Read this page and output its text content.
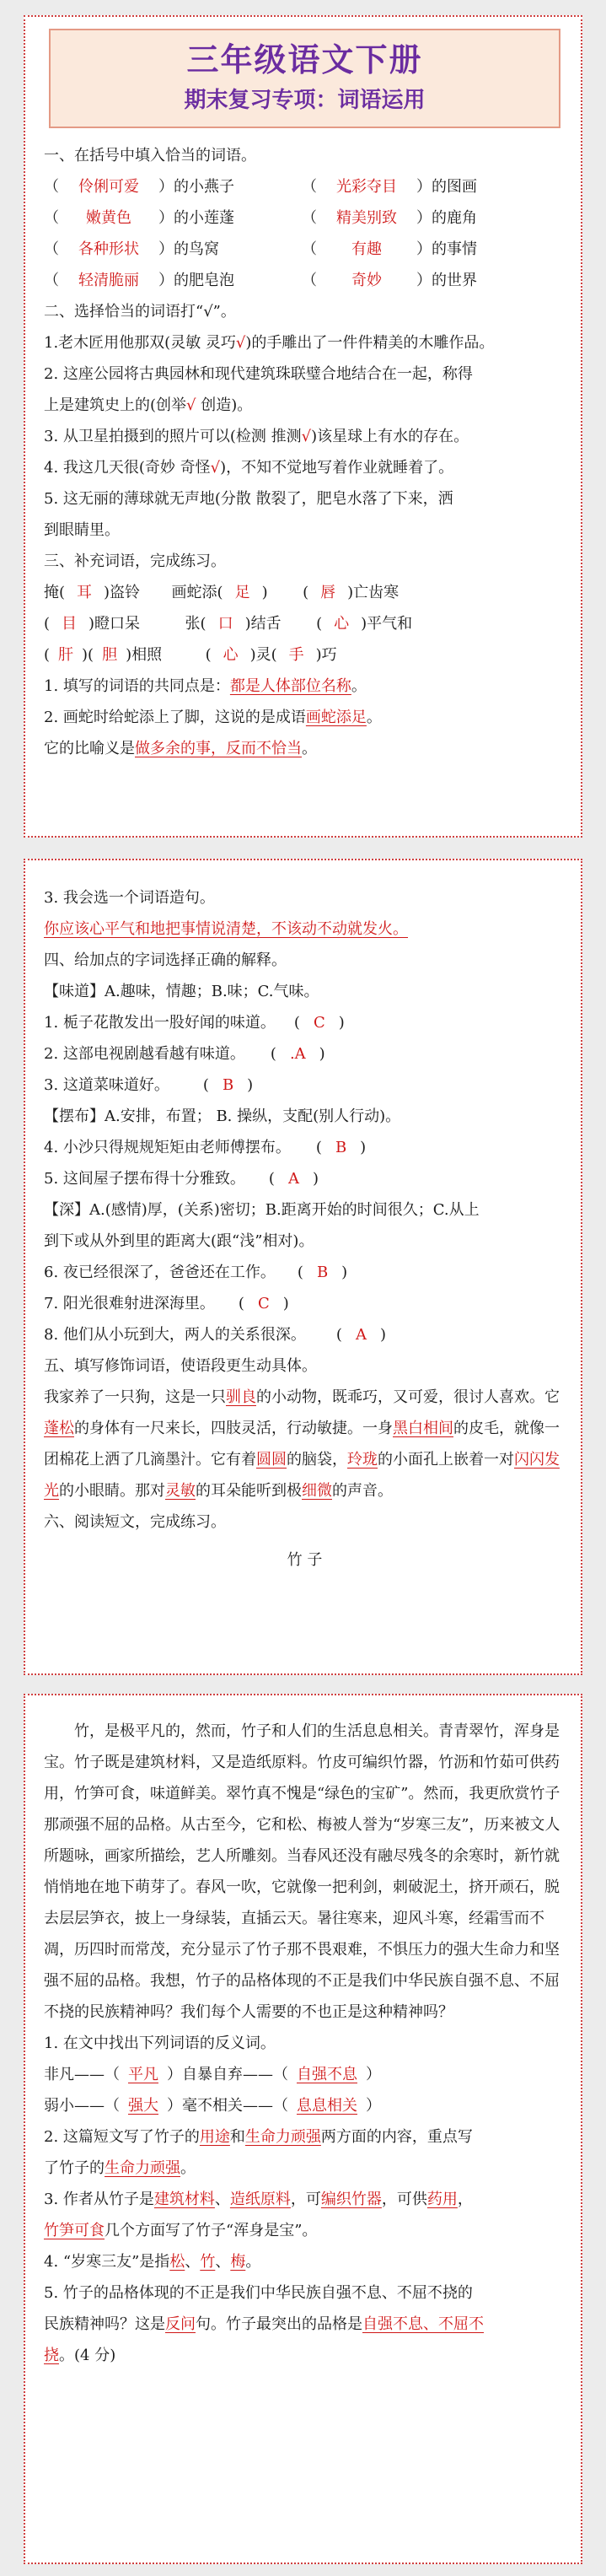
三年级语文下册
期末复习专项：词语运用
一、在括号中填入恰当的词语。
（ 伶俐可爱 ）的小燕子	（ 光彩夺目 ）的图画
（ 嫩黄色 ）的小莲蓬	（ 精美别致 ）的鹿角
（ 各种形状 ）的鸟窝	（ 有趣 ）的事情
（ 轻清脆丽 ）的肥皂泡	（ 奇妙 ）的世界
二、选择恰当的词语打“√”。
1.老木匠用他那双(灵敏 灵巧√)的手雕出了一件件精美的木雕作品。
2. 这座公园将古典园林和现代建筑珠联璧合地结合在一起，称得
上是建筑史上的(创举√ 创造)。
3. 从卫星拍摄到的照片可以(检测 推测√)该星球上有水的存在。
4. 我这几天很(奇妙 奇怪√)，不知不觉地写着作业就睡着了。
5. 这无丽的薄球就无声地(分散 散裂了，肥皂水落了下来，洒
到眼睛里。
三、补充词语，完成练习。
掩( 耳 )盗铃 画蛇添( 足 ) ( 唇 )亡齿寒
( 目 )瞪口呆	张( 口 )结舌 ( 心 )平气和
( 肝 )( 胆 )相照	( 心 )灵( 手 )巧
1. 填写的词语的共同点是：都是人体部位名称。
2. 画蛇时给蛇添上了脚，这说的是成语画蛇添足。
它的比喻义是做多余的事，反而不恰当。
3. 我会选一个词语造句。
你应该心平气和地把事情说清楚，不该动不动就发火。
四、给加点的字词选择正确的解释。
【味道】A.趣味，情趣；B.味；C.气味。
1. 栀子花散发出一股好闻的味道。 ( C )
2. 这部电视剧越看越有味道。 ( .A )
3. 这道菜味道好。 ( B )
【摆布】A.安排，布置； B. 操纵，支配(别人行动)。
4. 小沙只得规规矩矩由老师傅摆布。 ( B )
5. 这间屋子摆布得十分雅致。 ( A )
【深】A.(感情)厚，(关系)密切；B.距离开始的时间很久；C.从上
到下或从外到里的距离大(跟“浅”相对)。
6. 夜已经很深了，爸爸还在工作。 ( B )
7. 阳光很难射进深海里。 ( C )
8. 他们从小玩到大，两人的关系很深。 ( A )
五、填写修饰词语，使语段更生动具体。
我家养了一只狗，这是一只驯良的小动物，既乖巧，又可爱，很讨人喜欢。它蓬松的身体有一尺来长，四肢灵活，行动敏捷。一身黑白相间的皮毛，就像一团棉花上洒了几滴墨汁。它有着圆圆的脑袋，玲珑的小面孔上嵌着一对闪闪发光的小眼睛。那对灵敏的耳朵能听到极细微的声音。
六、阅读短文，完成练习。
竹 子
竹，是极平凡的，然而，竹子和人们的生活息息相关。青青翠竹，浑身是宝。竹子既是建筑材料，又是造纸原料。竹皮可编织竹器，竹沥和竹茹可供药用，竹笋可食，味道鲜美。翠竹真不愧是“绿色的宝矿”。然而，我更欣赏竹子那顽强不屈的品格。从古至今，它和松、梅被人誉为“岁寒三友”，历来被文人所题咏，画家所描绘，艺人所雕刻。当春风还没有融尽残冬的余寒时，新竹就悄悄地在地下萌芽了。春风一吹，它就像一把利剑，刺破泥土，挤开顽石，脱去层层笋衣，披上一身绿装，直插云天。暑往寒来，迎风斗寒，经霜雪而不凋，历四时而常茂，充分显示了竹子那不畏艰难，不惧压力的强大生命力和坚强不屈的品格。我想，竹子的品格体现的不正是我们中华民族自强不息、不屈不挠的民族精神吗？我们每个人需要的不也正是这种精神吗？
1. 在文中找出下列词语的反义词。
非凡——（ 平凡 ）自暴自弃——（ 自强不息 ）
弱小——（ 强大 ）毫不相关——（ 息息相关 ）
2. 这篇短文写了竹子的用途和生命力顽强两方面的内容，重点写
了竹子的生命力顽强。
3. 作者从竹子是建筑材料、造纸原料，可编织竹器，可供药用，
竹笋可食几个方面写了竹子“浑身是宝”。
4. “岁寒三友”是指松、竹、梅。
5. 竹子的品格体现的不正是我们中华民族自强不息、不屈不挠的
民族精神吗？这是反问句。竹子最突出的品格是自强不息、不屈不
挠。(4 分)
